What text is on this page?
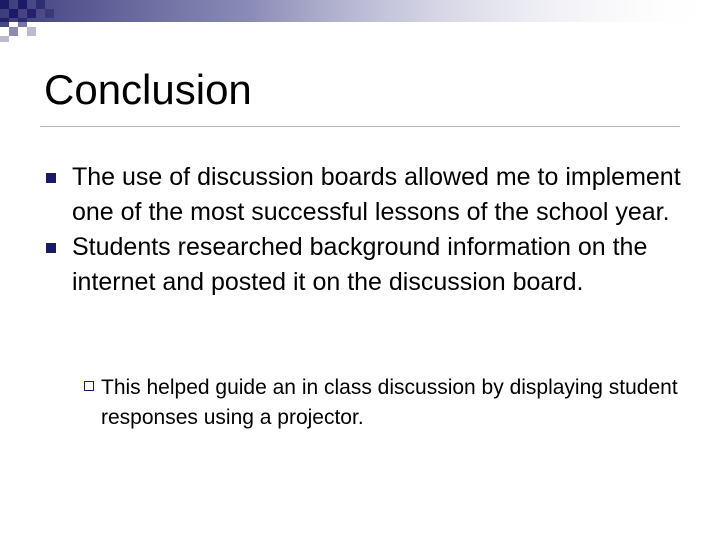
Conclusion
The use of discussion boards allowed me to implement one of the most successful lessons of the school year.
Students researched background information on the internet and posted it on the discussion board.
This helped guide an in class discussion by displaying student responses using a projector.
